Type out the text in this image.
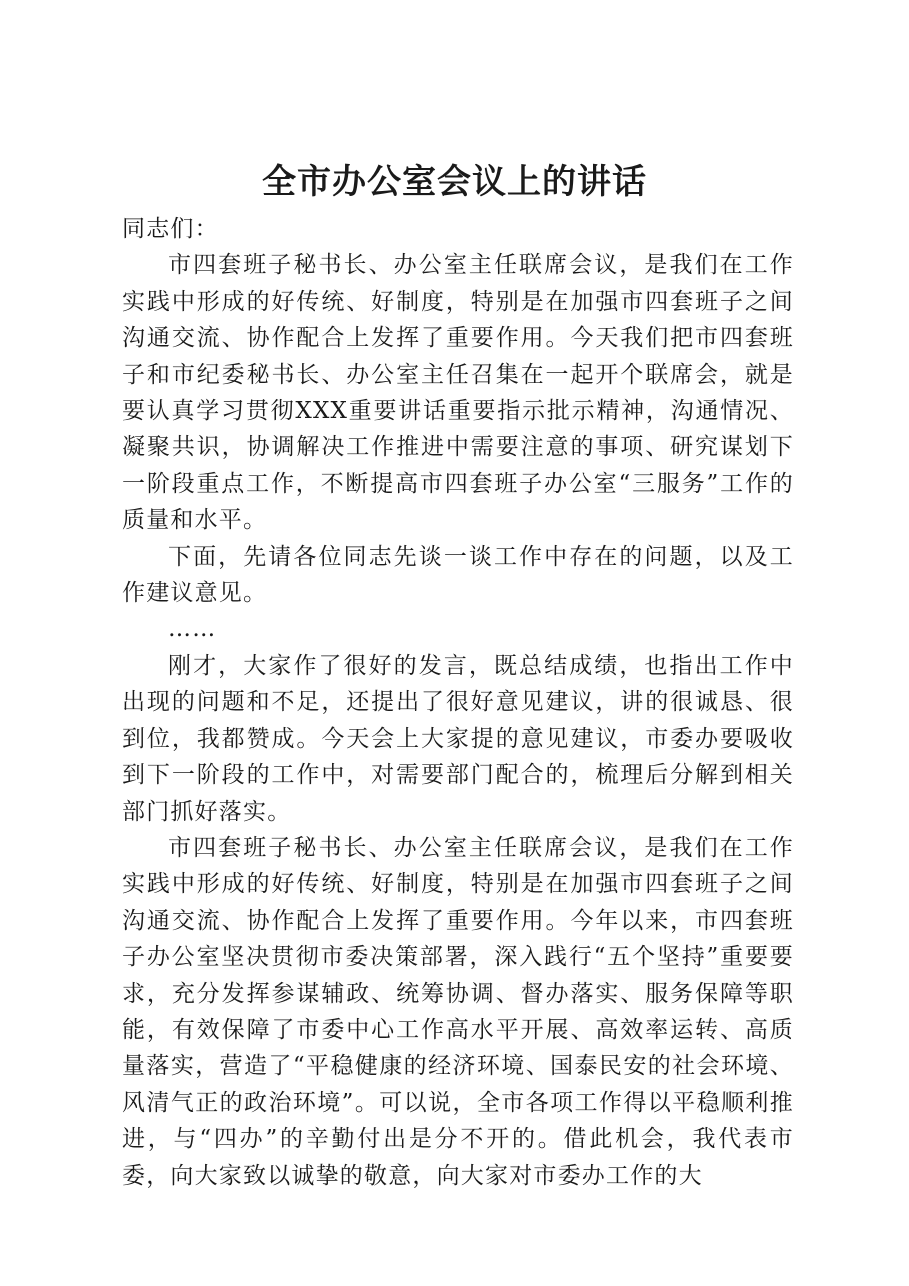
全市办公室会议上的讲话

同志们：

市四套班子秘书长、办公室主任联席会议，是我们在工作实践中形成的好传统、好制度，特别是在加强市四套班子之间沟通交流、协作配合上发挥了重要作用。今天我们把市四套班子和市纪委秘书长、办公室主任召集在一起开个联席会，就是要认真学习贯彻XXX重要讲话重要指示批示精神，沟通情况、凝聚共识，协调解决工作推进中需要注意的事项、研究谋划下一阶段重点工作，不断提高市四套班子办公室“三服务”工作的质量和水平。

下面，先请各位同志先谈一谈工作中存在的问题，以及工作建议意见。

……

刚才，大家作了很好的发言，既总结成绩，也指出工作中出现的问题和不足，还提出了很好意见建议，讲的很诚恳、很到位，我都赞成。今天会上大家提的意见建议，市委办要吸收到下一阶段的工作中，对需要部门配合的，梳理后分解到相关部门抓好落实。

市四套班子秘书长、办公室主任联席会议，是我们在工作实践中形成的好传统、好制度，特别是在加强市四套班子之间沟通交流、协作配合上发挥了重要作用。今年以来，市四套班子办公室坚决贯彻市委决策部署，深入践行“五个坚持”重要要求，充分发挥参谋辅政、统筹协调、督办落实、服务保障等职能，有效保障了市委中心工作高水平开展、高效率运转、高质量落实，营造了“平稳健康的经济环境、国泰民安的社会环境、风清气正的政治环境”。可以说，全市各项工作得以平稳顺利推进，与“四办”的辛勤付出是分不开的。借此机会，我代表市委，向大家致以诚挚的敬意，向大家对市委办工作的大
